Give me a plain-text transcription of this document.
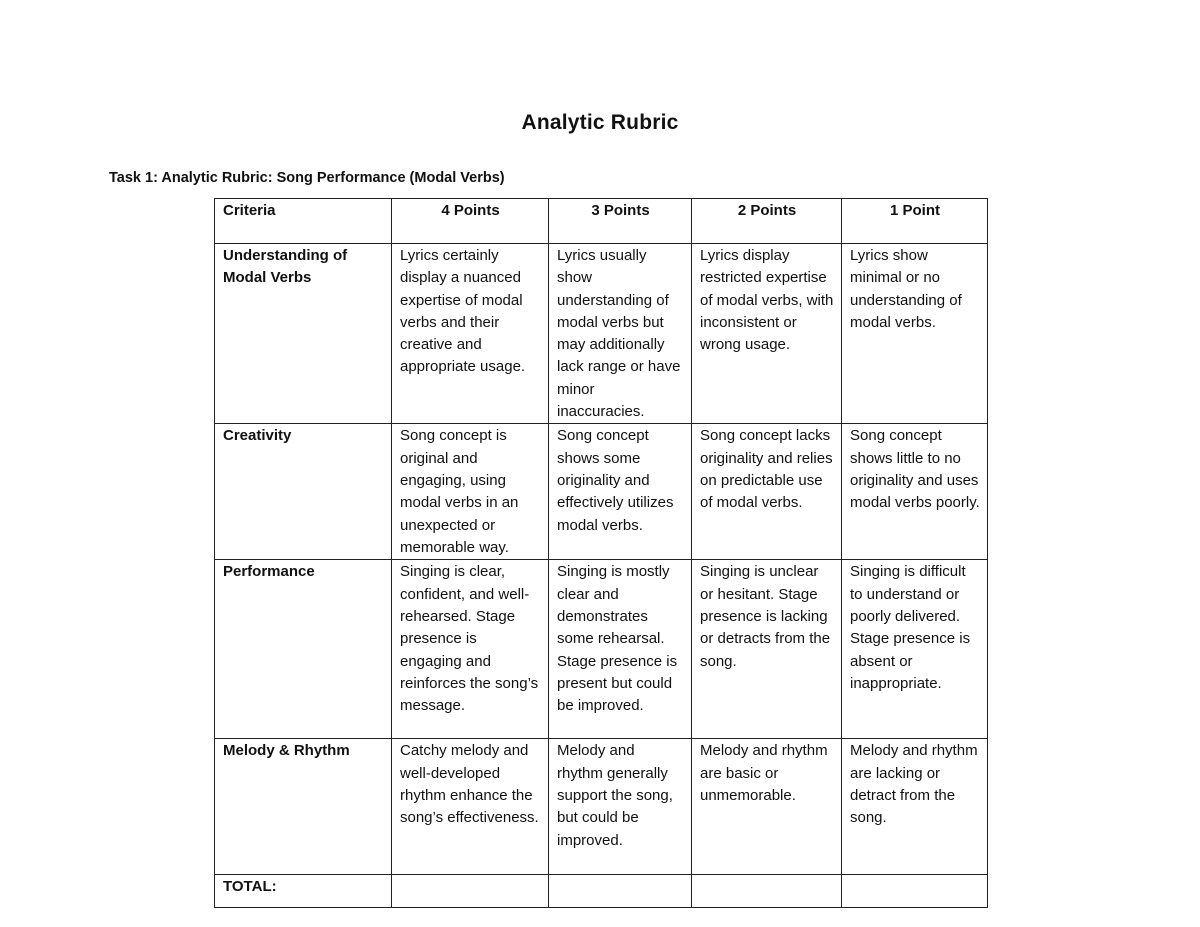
Analytic Rubric
Task 1: Analytic Rubric: Song Performance (Modal Verbs)
Criteria	4 Points	3 Points	2 Points	1 Point
Understanding of Modal Verbs	Lyrics certainly display a nuanced expertise of modal verbs and their creative and appropriate usage.	Lyrics usually show understanding of modal verbs but may additionally lack range or have minor inaccuracies.	Lyrics display restricted expertise of modal verbs, with inconsistent or wrong usage.	Lyrics show minimal or no understanding of modal verbs.
Creativity	Song concept is original and engaging, using modal verbs in an unexpected or memorable way.	Song concept shows some originality and effectively utilizes modal verbs.	Song concept lacks originality and relies on predictable use of modal verbs.	Song concept shows little to no originality and uses modal verbs poorly.
Performance	Singing is clear, confident, and well-rehearsed. Stage presence is engaging and reinforces the song’s message.	Singing is mostly clear and demonstrates some rehearsal. Stage presence is present but could be improved.	Singing is unclear or hesitant. Stage presence is lacking or detracts from the song.	Singing is difficult to understand or poorly delivered. Stage presence is absent or inappropriate.
Melody & Rhythm	Catchy melody and well-developed rhythm enhance the song’s effectiveness.	Melody and rhythm generally support the song, but could be improved.	Melody and rhythm are basic or unmemorable.	Melody and rhythm are lacking or detract from the song.
TOTAL:				
